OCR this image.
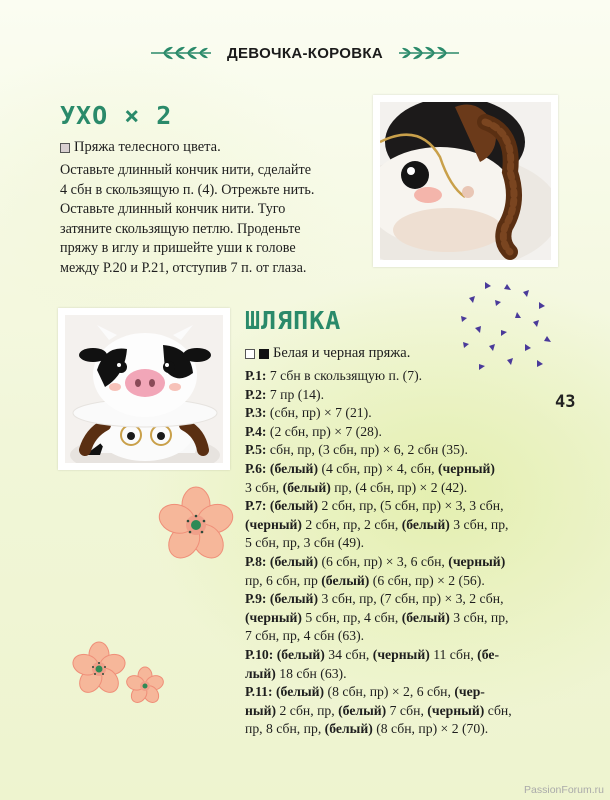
ДЕВОЧКА-КОРОВКА
УХО × 2
Пряжа телесного цвета.
Оставьте длинный кончик нити, сделайте
4 сбн в скользящую п. (4). Отрежьте нить.
Оставьте длинный кончик нити. Туго
затяните скользящую петлю. Проденьте
пряжу в иглу и пришейте уши к голове
между Р.20 и Р.21, отступив 7 п. от глаза.
ШЛЯПКА
Белая и черная пряжа.
Р.1: 7 сбн в скользящую п. (7).
Р.2: 7 пр (14).
Р.3: (сбн, пр) × 7 (21).
Р.4: (2 сбн, пр) × 7 (28).
Р.5: сбн, пр, (3 сбн, пр) × 6, 2 сбн (35).
Р.6: (белый) (4 сбн, пр) × 4, сбн, (черный)
3 сбн, (белый) пр, (4 сбн, пр) × 2 (42).
Р.7: (белый) 2 сбн, пр, (5 сбн, пр) × 3, 3 сбн,
(черный) 2 сбн, пр, 2 сбн, (белый) 3 сбн, пр,
5 сбн, пр, 3 сбн (49).
Р.8: (белый) (6 сбн, пр) × 3, 6 сбн, (черный)
пр, 6 сбн, пр (белый) (6 сбн, пр) × 2 (56).
Р.9: (белый) 3 сбн, пр, (7 сбн, пр) × 3, 2 сбн,
(черный) 5 сбн, пр, 4 сбн, (белый) 3 сбн, пр,
7 сбн, пр, 4 сбн (63).
Р.10: (белый) 34 сбн, (черный) 11 сбн, (бе-
лый) 18 сбн (63).
Р.11: (белый) (8 сбн, пр) × 2, 6 сбн, (чер-
ный) 2 сбн, пр, (белый) 7 сбн, (черный) сбн,
пр, 8 сбн, пр, (белый) (8 сбн, пр) × 2 (70).
43
PassionForum.ru
